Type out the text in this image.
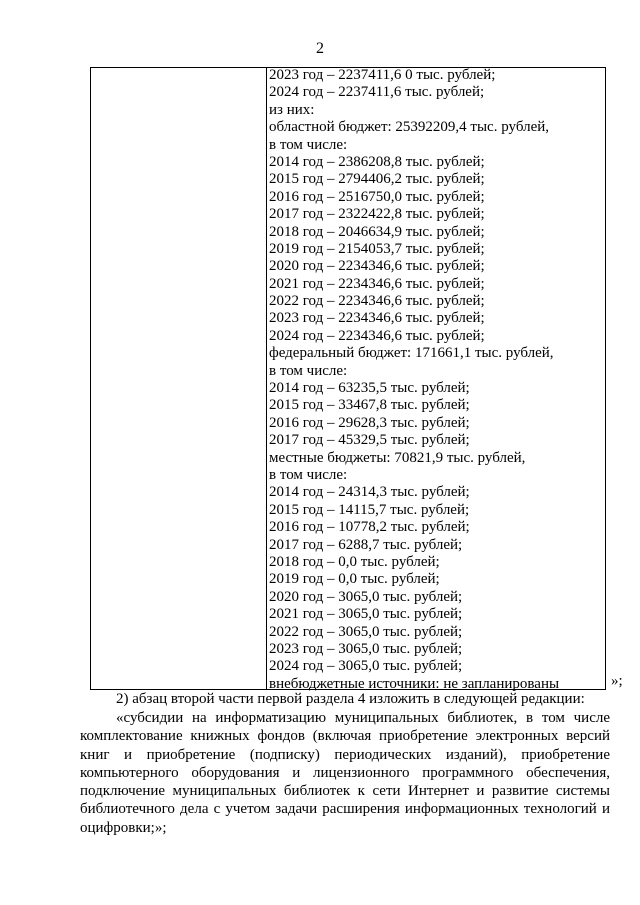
2
2023 год – 2237411,6 0 тыс. рублей;
2024 год – 2237411,6 тыс. рублей;
из них:
областной бюджет: 25392209,4 тыс. рублей,
в том числе:
2014 год – 2386208,8 тыс. рублей;
2015 год – 2794406,2 тыс. рублей;
2016 год – 2516750,0 тыс. рублей;
2017 год – 2322422,8 тыс. рублей;
2018 год – 2046634,9 тыс. рублей;
2019 год – 2154053,7 тыс. рублей;
2020 год – 2234346,6 тыс. рублей;
2021 год – 2234346,6 тыс. рублей;
2022 год – 2234346,6 тыс. рублей;
2023 год – 2234346,6 тыс. рублей;
2024 год – 2234346,6 тыс. рублей;
федеральный бюджет: 171661,1 тыс. рублей,
в том числе:
2014 год – 63235,5 тыс. рублей;
2015 год – 33467,8 тыс. рублей;
2016 год – 29628,3 тыс. рублей;
2017 год – 45329,5 тыс. рублей;
местные бюджеты: 70821,9 тыс. рублей,
в том числе:
2014 год – 24314,3 тыс. рублей;
2015 год – 14115,7 тыс. рублей;
2016 год – 10778,2 тыс. рублей;
2017 год – 6288,7 тыс. рублей;
2018 год – 0,0 тыс. рублей;
2019 год – 0,0 тыс. рублей;
2020 год – 3065,0 тыс. рублей;
2021 год – 3065,0 тыс. рублей;
2022 год – 3065,0 тыс. рублей;
2023 год – 3065,0 тыс. рублей;
2024 год – 3065,0 тыс. рублей;
внебюджетные источники: не запланированы	»;
2) абзац второй части первой раздела 4 изложить в следующей редакции:
«субсидии на информатизацию муниципальных библиотек, в том числе комплектование книжных фондов (включая приобретение электронных версий книг и приобретение (подписку) периодических изданий), приобретение компьютерного оборудования и лицензионного программного обеспечения, подключение муниципальных библиотек к сети Интернет и развитие системы библиотечного дела с учетом задачи расширения информационных технологий и оцифровки;»;
